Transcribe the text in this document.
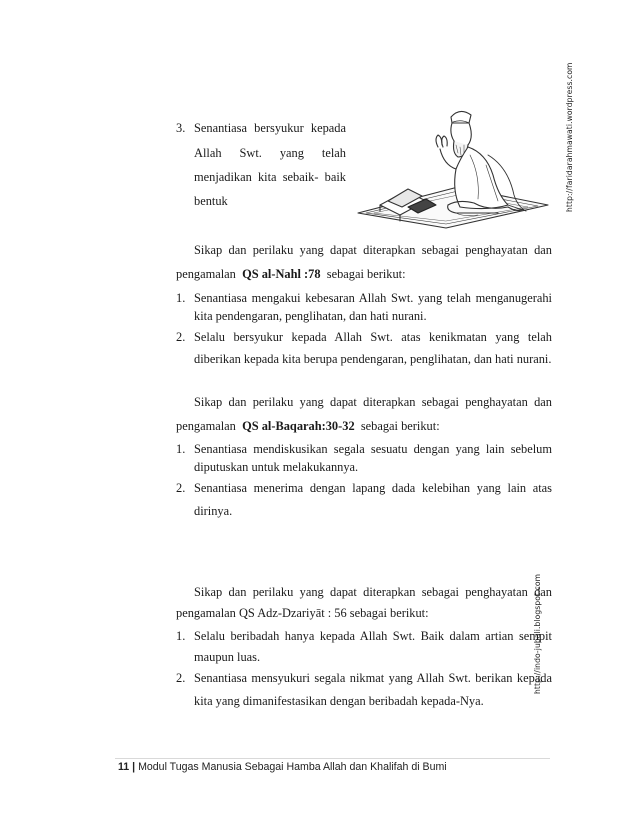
http://faridarahmawati.wordpress.com
http://indo-jubali.blogspot.com
3. Senantiasa bersyukur kepada
Allah Swt. yang telah
menjadikan kita sebaik- baik
bentuk
Sikap dan perilaku yang dapat diterapkan sebagai penghayatan dan
pengamalan QS al-Nahl :78 sebagai berikut:
1. Senantiasa mengakui kebesaran Allah Swt. yang telah menganugerahi
kita pendengaran, penglihatan, dan hati nurani.
2. Selalu bersyukur kepada Allah Swt. atas kenikmatan yang telah
diberikan kepada kita berupa pendengaran, penglihatan, dan hati nurani.
Sikap dan perilaku yang dapat diterapkan sebagai penghayatan dan
pengamalan QS al-Baqarah:30-32 sebagai berikut:
1. Senantiasa mendiskusikan segala sesuatu dengan yang lain sebelum
diputuskan untuk melakukannya.
2. Senantiasa menerima dengan lapang dada kelebihan yang lain atas
dirinya.
Sikap dan perilaku yang dapat diterapkan sebagai penghayatan dan
pengamalan QS Adz-Dzariyāt : 56 sebagai berikut:
1. Selalu beribadah hanya kepada Allah Swt. Baik dalam artian sempit
maupun luas.
2. Senantiasa mensyukuri segala nikmat yang Allah Swt. berikan kepada
kita yang dimanifestasikan dengan beribadah kepada-Nya.
11 | Modul Tugas Manusia Sebagai Hamba Allah dan Khalifah di Bumi
